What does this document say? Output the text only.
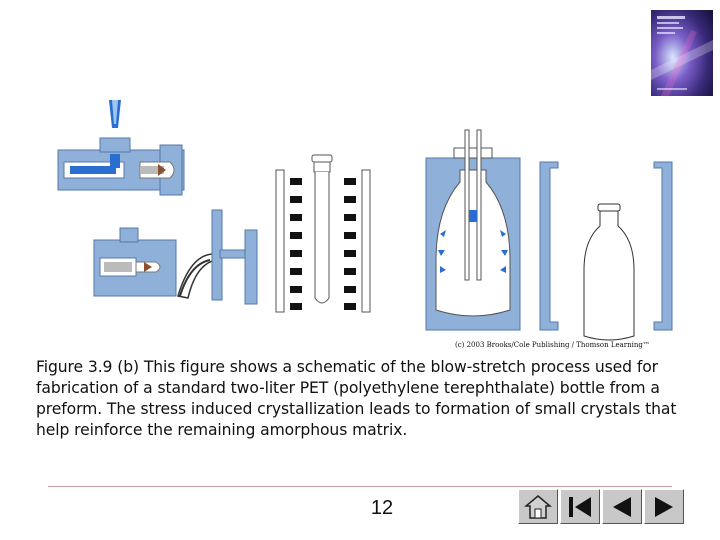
(c) 2003 Brooks/Cole Publishing / Thomson Learning™
Figure 3.9 (b) This figure shows a schematic of the blow-stretch process used for fabrication of a standard two-liter PET (polyethylene terephthalate) bottle from a preform. The stress induced crystallization leads to formation of small crystals that help reinforce the remaining amorphous matrix.
12
